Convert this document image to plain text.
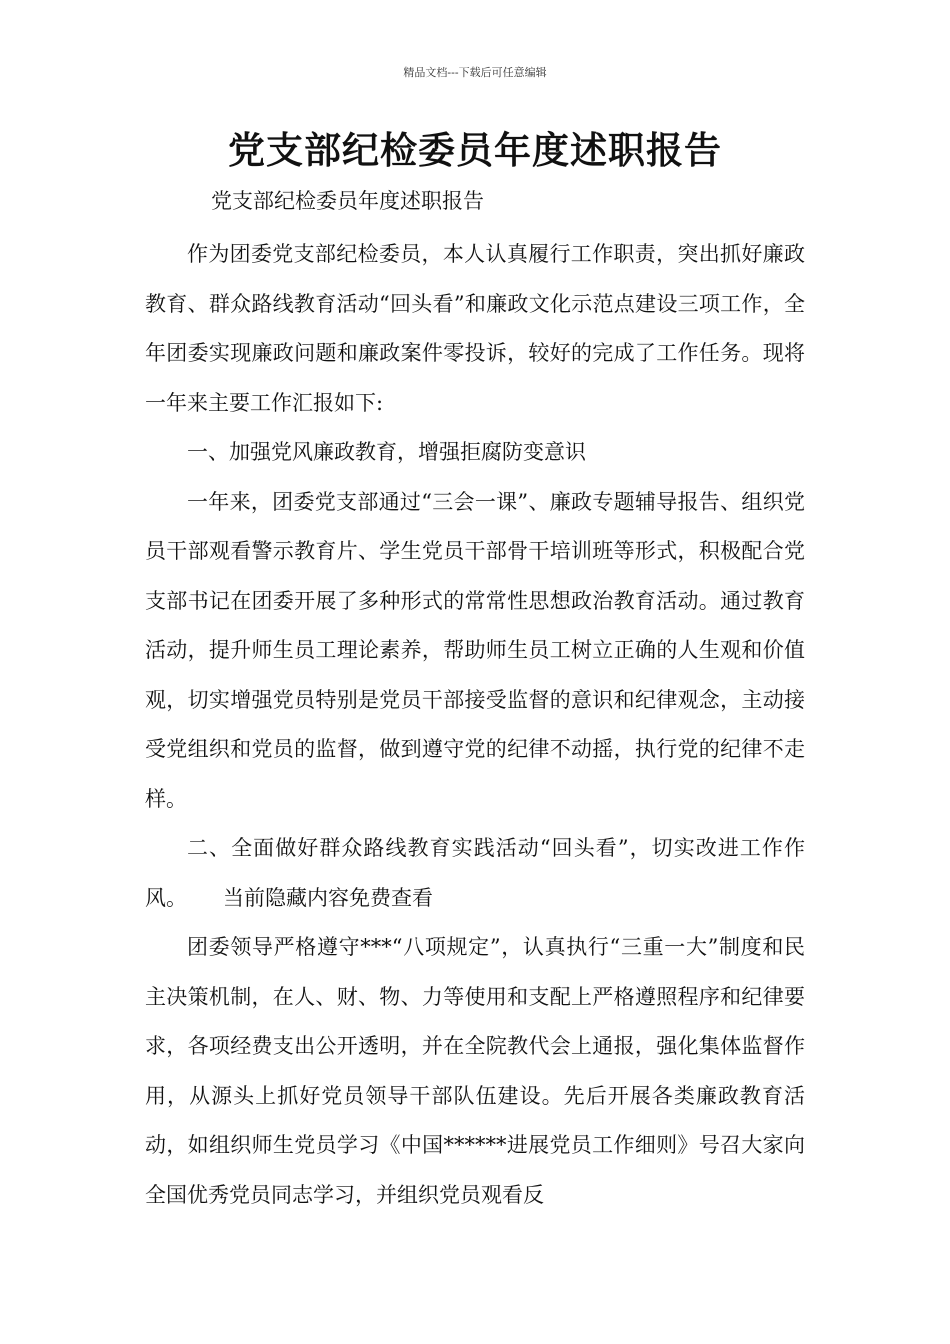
精品文档---下载后可任意编辑
党支部纪检委员年度述职报告
党支部纪检委员年度述职报告

作为团委党支部纪检委员，本人认真履行工作职责，突出抓好廉政教育、群众路线教育活动“回头看”和廉政文化示范点建设三项工作，全年团委实现廉政问题和廉政案件零投诉，较好的完成了工作任务。现将一年来主要工作汇报如下:

一、加强党风廉政教育，增强拒腐防变意识

一年来，团委党支部通过“三会一课”、廉政专题辅导报告、组织党员干部观看警示教育片、学生党员干部骨干培训班等形式，积极配合党支部书记在团委开展了多种形式的常常性思想政治教育活动。通过教育活动，提升师生员工理论素养，帮助师生员工树立正确的人生观和价值观，切实增强党员特别是党员干部接受监督的意识和纪律观念，主动接受党组织和党员的监督，做到遵守党的纪律不动摇，执行党的纪律不走样。

二、全面做好群众路线教育实践活动“回头看”，切实改进工作作风。 当前隐藏内容免费查看

团委领导严格遵守***“八项规定”，认真执行“三重一大”制度和民主决策机制，在人、财、物、力等使用和支配上严格遵照程序和纪律要求，各项经费支出公开透明，并在全院教代会上通报，强化集体监督作用，从源头上抓好党员领导干部队伍建设。先后开展各类廉政教育活动，如组织师生党员学习《中国******进展党员工作细则》号召大家向全国优秀党员同志学习，并组织党员观看反
